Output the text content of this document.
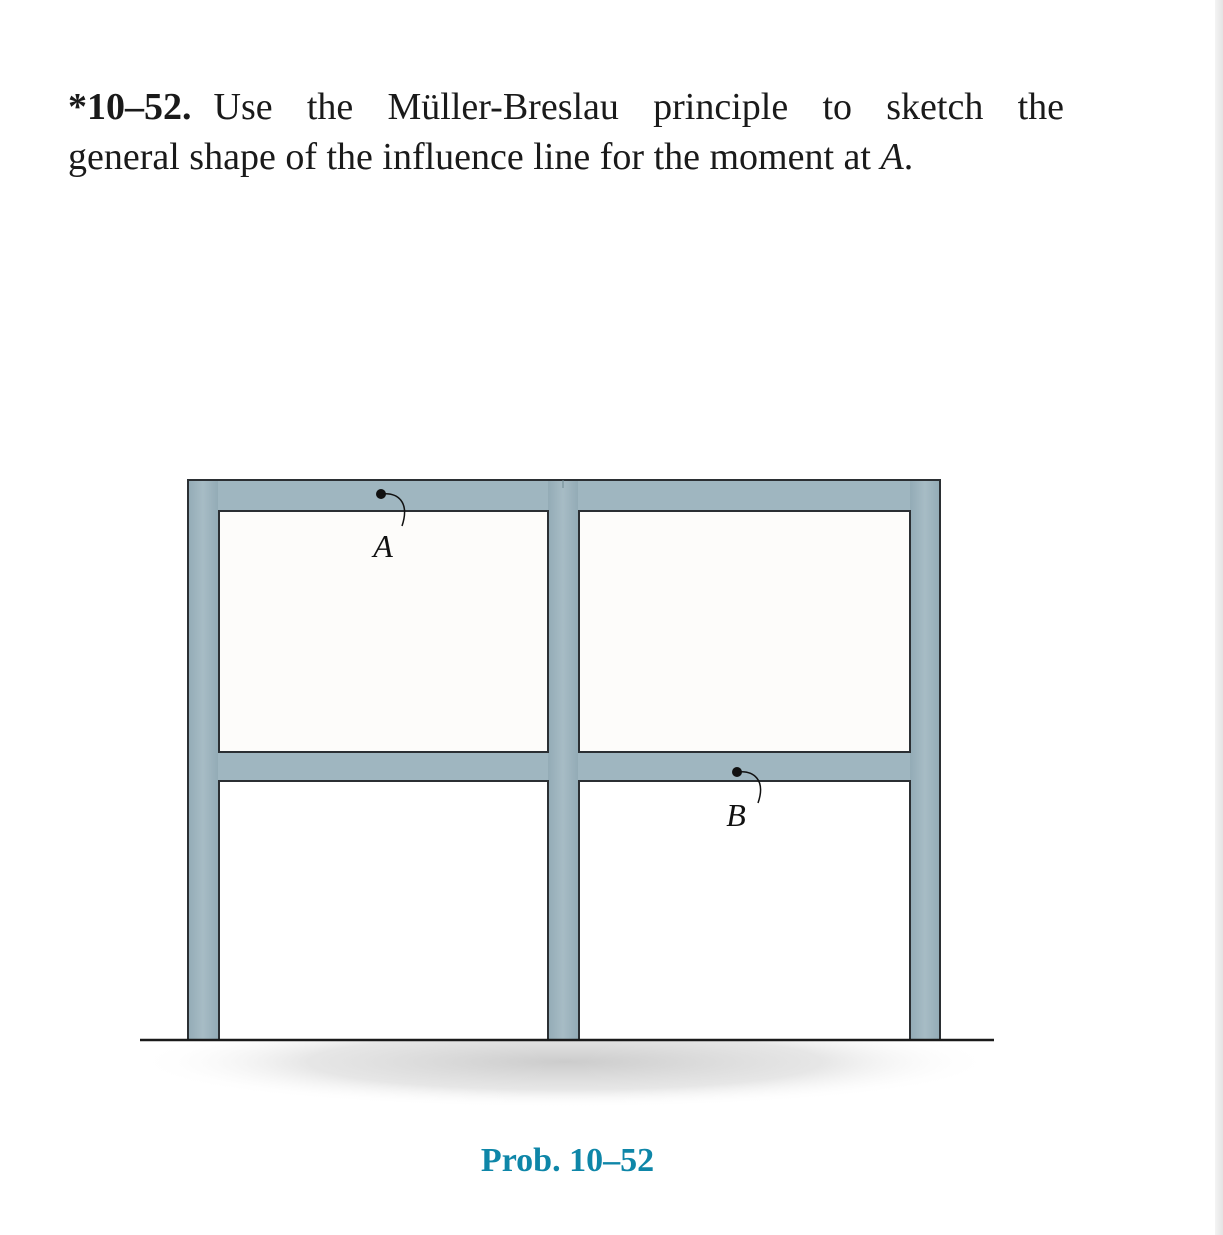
*10–52. Use the Müller-Breslau principle to sketch the
general shape of the influence line for the moment at A.
A
B
Prob. 10–52
